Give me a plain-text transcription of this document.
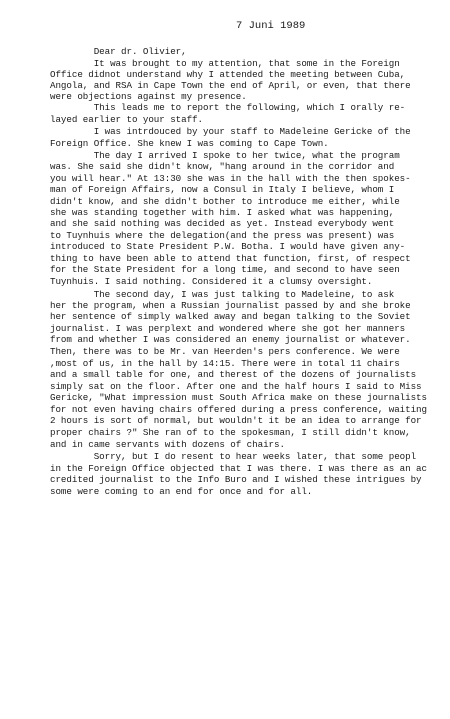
7 Juni 1989
Dear dr. Olivier,
It was brought to my attention, that some in the Foreign
Office didnot understand why I attended the meeting between Cuba,
Angola, and RSA in Cape Town the end of April, or even, that there
were objections against my presence.
This leads me to report the following, which I orally re-
layed earlier to your staff.
I was intrdouced by your staff to Madeleine Gericke of the
Foreign Office. She knew I was coming to Cape Town.
The day I arrived I spoke to her twice, what the program
was. She said she didn't know, "hang around in the corridor and
you will hear." At 13:30 she was in the hall with the then spokes-
man of Foreign Affairs, now a Consul in Italy I believe, whom I
didn't know, and she didn't bother to introduce me either, while
she was standing together with him. I asked what was happening,
and she said nothing was decided as yet. Instead everybody went
to Tuynhuis where the delegation(and the press was present) was
introduced to State President P.W. Botha. I would have given any-
thing to have been able to attend that function, first, of respect
for the State President for a long time, and second to have seen
Tuynhuis. I said nothing. Considered it a clumsy oversight.
The second day, I was just talking to Madeleine, to ask
her the program, when a Russian journalist passed by and she broke
her sentence of simply walked away and began talking to the Soviet
journalist. I was perplext and wondered where she got her manners
from and whether I was considered an enemy journalist or whatever.
Then, there was to be Mr. van Heerden's pers conference. We were
,most of us, in the hall by 14:15. There were in total 11 chairs
and a small table for one, and therest of the dozens of journalists
simply sat on the floor. After one and the half hours I said to Miss
Gericke, "What impression must South Africa make on these journalists
for not even having chairs offered during a press conference, waiting
2 hours is sort of normal, but wouldn't it be an idea to arrange for
proper chairs ?" She ran of to the spokesman, I still didn't know,
and in came servants with dozens of chairs.
Sorry, but I do resent to hear weeks later, that some peopl
in the Foreign Office objected that I was there. I was there as an ac
credited journalist to the Info Buro and I wished these intrigues by
some were coming to an end for once and for all.
